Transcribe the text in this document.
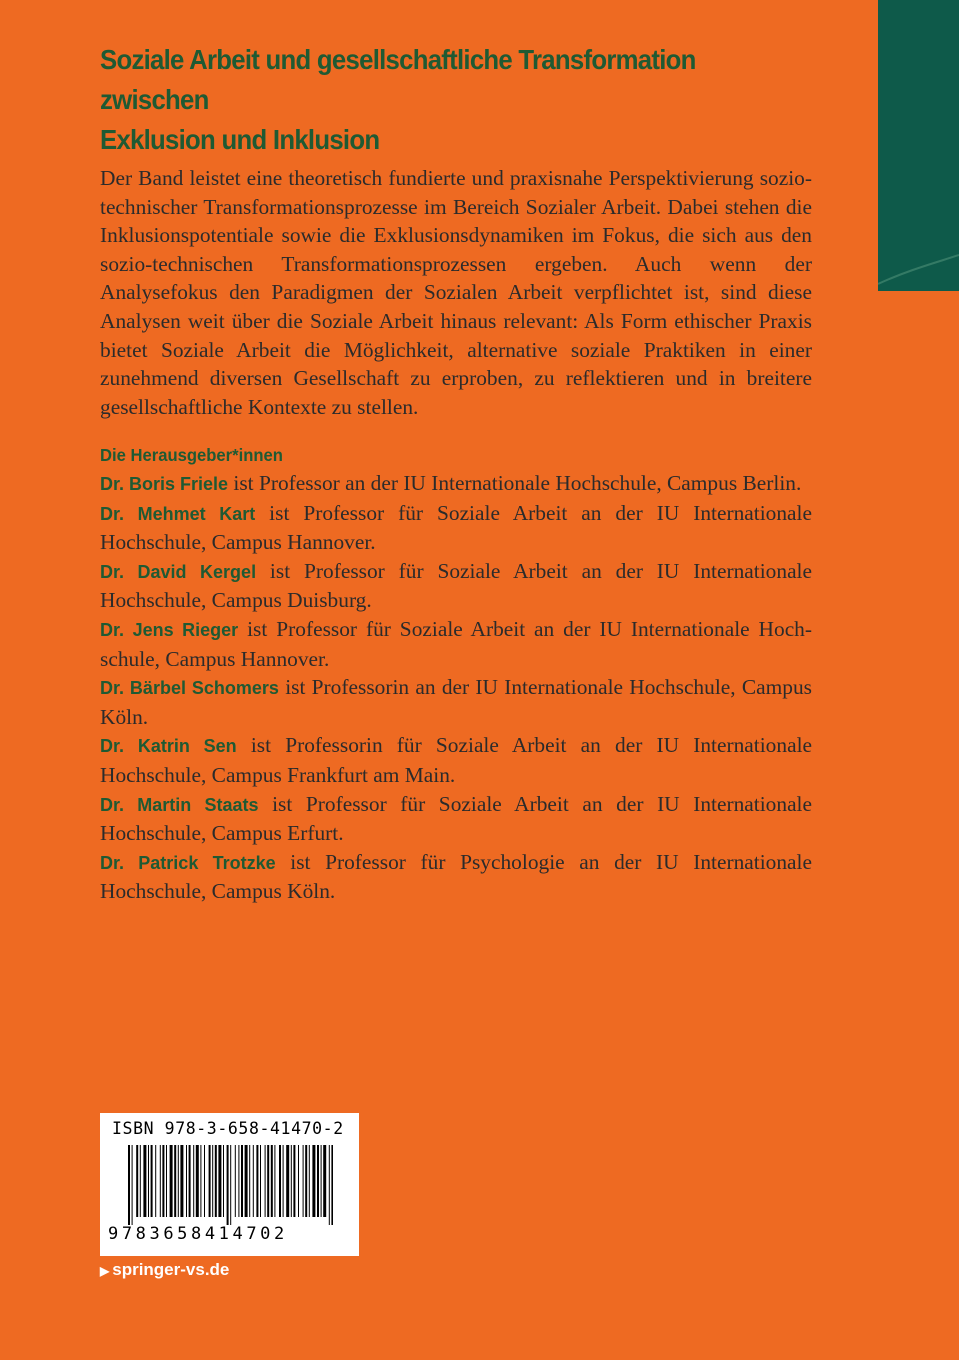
Soziale Arbeit und gesellschaftliche Transformation zwischen
Exklusion und Inklusion
Der Band leistet eine theoretisch fundierte und praxisnahe Perspektivierung sozio-technischer Transformationsprozesse im Bereich Sozialer Arbeit. Dabei stehen die Inklusionspotentiale sowie die Exklusionsdynamiken im Fokus, die sich aus den sozio-technischen Transformationsprozessen ergeben. Auch wenn der Analysefokus den Paradigmen der Sozialen Arbeit verpflichtet ist, sind diese Analysen weit über die Soziale Arbeit hinaus relevant: Als Form ethischer Praxis bietet Soziale Arbeit die Möglichkeit, alternative soziale Praktiken in einer zunehmend diversen Gesellschaft zu erproben, zu reflektieren und in breitere gesellschaftliche Kontexte zu stellen.
Die Herausgeber*innen
Dr. Boris Friele ist Professor an der IU Internationale Hochschule, Campus Berlin.
Dr. Mehmet Kart ist Professor für Soziale Arbeit an der IU Internationale Hochschule, Campus Hannover.
Dr. David Kergel ist Professor für Soziale Arbeit an der IU Internationale Hochschule, Campus Duisburg.
Dr. Jens Rieger ist Professor für Soziale Arbeit an der IU Internationale Hochschule, Campus Hannover.
Dr. Bärbel Schomers ist Professorin an der IU Internationale Hochschule, Campus Köln.
Dr. Katrin Sen ist Professorin für Soziale Arbeit an der IU Internationale Hochschule, Campus Frankfurt am Main.
Dr. Martin Staats ist Professor für Soziale Arbeit an der IU Internationale Hochschule, Campus Erfurt.
Dr. Patrick Trotzke ist Professor für Psychologie an der IU Internationale Hochschule, Campus Köln.
ISBN 978-3-658-41470-2
9783658414702
▶ springer-vs.de
